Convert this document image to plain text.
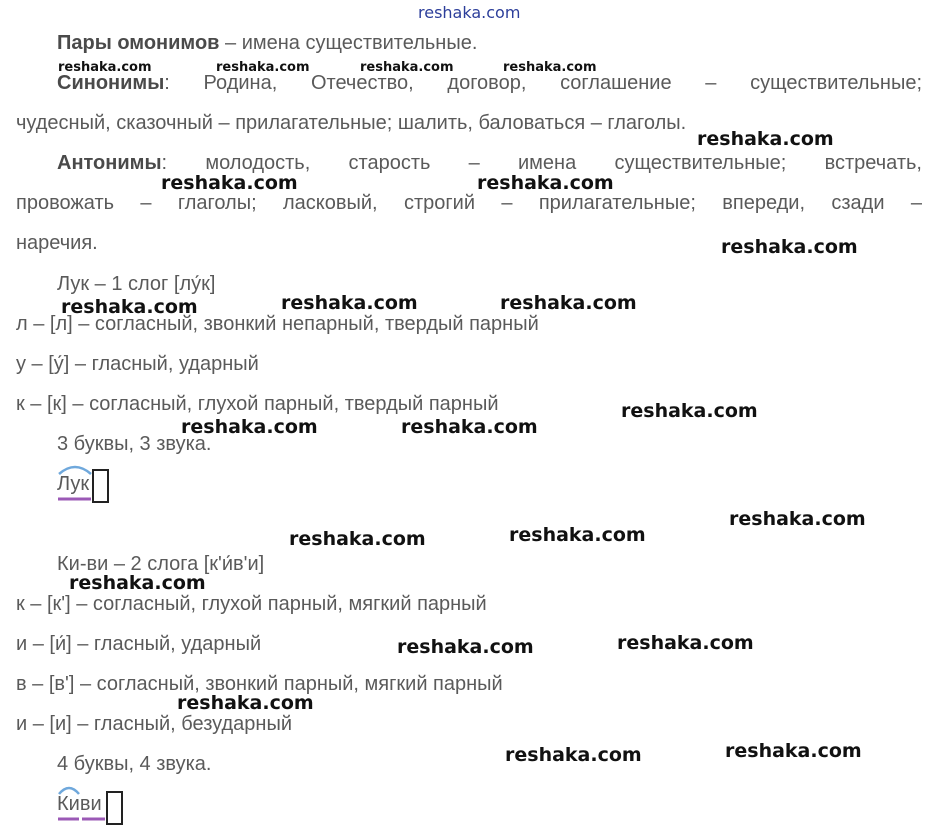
reshaka.com
Пары омонимов – имена существительные.
Синонимы: Родина, Отечество, договор, соглашение – существительные;
чудесный, сказочный – прилагательные; шалить, баловаться – глаголы.
Антонимы: молодость, старость – имена существительные; встречать,
провожать – глаголы; ласковый, строгий – прилагательные; впереди, сзади –
наречия.
Лук – 1 слог [лу́к]
л – [л] – согласный, звонкий непарный, твердый парный
у – [у́] – гласный, ударный
к – [к] – согласный, глухой парный, твердый парный
3 буквы, 3 звука.
Лук
Ки-ви – 2 слога [к'и́в'и]
к – [к'] – согласный, глухой парный, мягкий парный
и – [и́] – гласный, ударный
в – [в'] – согласный, звонкий парный, мягкий парный
и – [и] – гласный, безударный
4 буквы, 4 звука.
Киви
reshaka.com	reshaka.com	reshaka.com	reshaka.com
reshaka.com
reshaka.com	reshaka.com
reshaka.com
reshaka.com	reshaka.com	reshaka.com
reshaka.com
reshaka.com	reshaka.com
reshaka.com
reshaka.com	reshaka.com
reshaka.com
reshaka.com
reshaka.com
reshaka.com
reshaka.com
reshaka.com
